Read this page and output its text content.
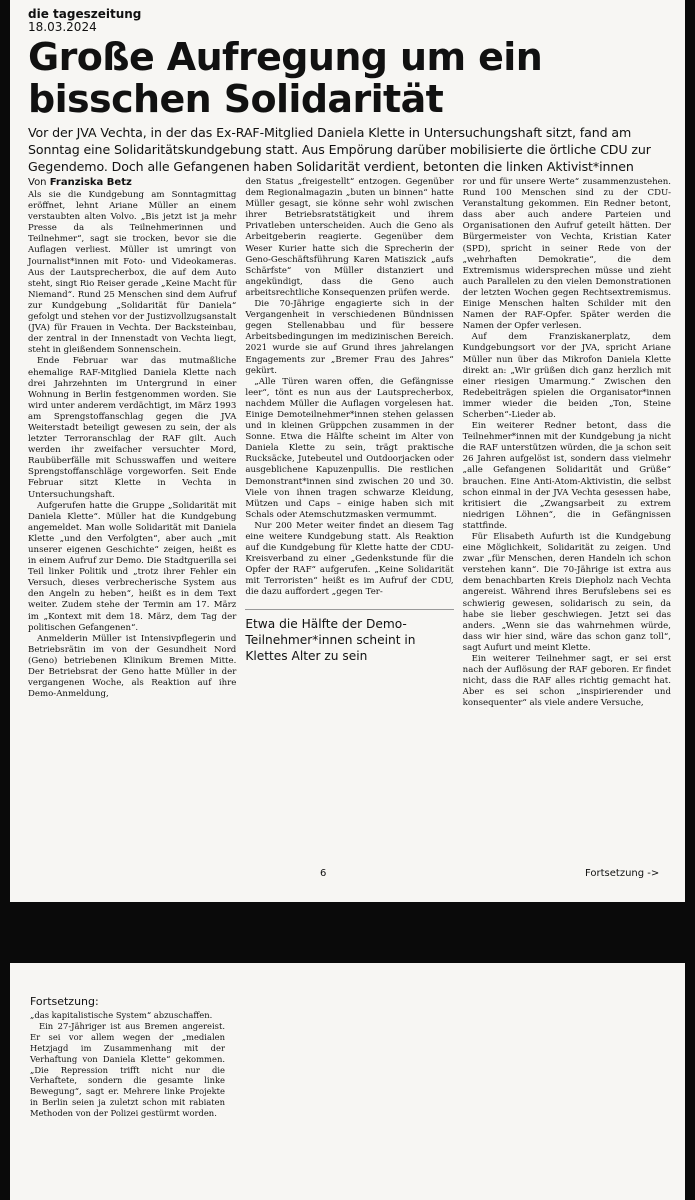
die tageszeitung
18.03.2024
Große Aufregung um ein bisschen Solidarität
Vor der JVA Vechta, in der das Ex-RAF-Mitglied Daniela Klette in Untersuchungshaft sitzt, fand am Sonntag eine Solidaritätskundgebung statt. Aus Empörung darüber mobilisierte die örtliche CDU zur Gegendemo. Doch alle Gefangenen haben Solidarität verdient, betonten die linken Aktivist*innen
Von Franziska Betz

Als sie die Kundgebung am Sonntagmittag eröffnet, lehnt Ariane Müller an einem verstaubten alten Volvo. „Bis jetzt ist ja mehr Presse da als Teilnehmerinnen und Teilnehmer“, sagt sie trocken, bevor sie die Auflagen verliest. Müller ist umringt von Journalist*innen mit Foto- und Videokameras. Aus der Lautsprecherbox, die auf dem Auto steht, singt Rio Reiser gerade „Keine Macht für Niemand“. Rund 25 Menschen sind dem Aufruf zur Kundgebung „Solidarität für Daniela“ gefolgt und stehen vor der Justizvollzugsanstalt (JVA) für Frauen in Vechta. Der Backsteinbau, der zentral in der Innenstadt von Vechta liegt, steht in gleißendem Sonnenschein.

Ende Februar war das mutmaßliche ehemalige RAF-Mitglied Daniela Klette nach drei Jahrzehnten im Untergrund in einer Wohnung in Berlin festgenommen worden. Sie wird unter anderem verdächtigt, im März 1993 am Sprengstoffanschlag gegen die JVA Weiterstadt beteiligt gewesen zu sein, der als letzter Terroranschlag der RAF gilt. Auch werden ihr zweifacher versuchter Mord, Raubüberfälle mit Schusswaffen und weitere Sprengstoffanschläge vorgeworfen. Seit Ende Februar sitzt Klette in Vechta in Untersuchungshaft.

Aufgerufen hatte die Gruppe „Solidarität mit Daniela Klette“. Müller hat die Kundgebung angemeldet. Man wolle Solidarität mit Daniela Klette „und den Verfolgten“, aber auch „mit unserer eigenen Geschichte“ zeigen, heißt es in einem Aufruf zur Demo. Die Stadtguerilla sei Teil linker Politik und „trotz ihrer Fehler ein Versuch, dieses verbrecherische System aus den Angeln zu heben“, heißt es in dem Text weiter. Zudem stehe der Termin am 17. März im „Kontext mit dem 18. März, dem Tag der politischen Gefangenen“.

Anmelderin Müller ist Intensivpflegerin und Betriebsrätin im von der Gesundheit Nord (Geno) betriebenen Klinikum Bremen Mitte. Der Betriebsrat der Geno hatte Müller in der vergangenen Woche, als Reaktion auf ihre Demo-Anmeldung,

den Status „freigestellt“ entzogen. Gegenüber dem Regionalmagazin „buten un binnen“ hatte Müller gesagt, sie könne sehr wohl zwischen ihrer Betriebsratstätigkeit und ihrem Privatleben unterscheiden. Auch die Geno als Arbeitgeberin reagierte. Gegenüber dem Weser Kurier hatte sich die Sprecherin der Geno-Geschäftsführung Karen Matiszick „aufs Schärfste“ von Müller distanziert und angekündigt, dass die Geno auch arbeitsrechtliche Konsequenzen prüfen werde.

Die 70-Jährige engagierte sich in der Vergangenheit in verschiedenen Bündnissen gegen Stellenabbau und für bessere Arbeitsbedingungen im medizinischen Bereich. 2021 wurde sie auf Grund ihres jahrelangen Engagements zur „Bremer Frau des Jahres“ gekürt.

„Alle Türen waren offen, die Gefängnisse leer“, tönt es nun aus der Lautsprecherbox, nachdem Müller die Auflagen vorgelesen hat. Einige Demoteilnehmer*innen stehen gelassen und in kleinen Grüppchen zusammen in der Sonne. Etwa die Hälfte scheint im Alter von Daniela Klette zu sein, trägt praktische Rucksäcke, Jutebeutel und Outdoorjacken oder ausgeblichene Kapuzenpullis. Die restlichen Demonstrant*innen sind zwischen 20 und 30. Viele von ihnen tragen schwarze Kleidung, Mützen und Caps – einige haben sich mit Schals oder Atemschutzmasken vermummt.

Nur 200 Meter weiter findet an diesem Tag eine weitere Kundgebung statt. Als Reaktion auf die Kundgebung für Klette hatte der CDU-Kreisverband zu einer „Gedenkstunde für die Opfer der RAF“ aufgerufen. „Keine Solidarität mit Terroristen“ heißt es im Aufruf der CDU, die dazu auffordert „gegen Ter-

Etwa die Hälfte der Demo-Teilnehmer*innen scheint in Klettes Alter zu sein

ror und für unsere Werte“ zusammenzustehen. Rund 100 Menschen sind zu der CDU-Veranstaltung gekommen. Ein Redner betont, dass aber auch andere Parteien und Organisationen den Aufruf geteilt hätten. Der Bürgermeister von Vechta, Kristian Kater (SPD), spricht in seiner Rede von der „wehrhaften Demokratie“, die dem Extremismus widersprechen müsse und zieht auch Parallelen zu den vielen Demonstrationen der letzten Wochen gegen Rechtsextremismus. Einige Menschen halten Schilder mit den Namen der RAF-Opfer. Später werden die Namen der Opfer verlesen.

Auf dem Franziskanerplatz, dem Kundgebungsort vor der JVA, spricht Ariane Müller nun über das Mikrofon Daniela Klette direkt an: „Wir grüßen dich ganz herzlich mit einer riesigen Umarmung.“ Zwischen den Redebeiträgen spielen die Organisator*innen immer wieder die beiden „Ton, Steine Scherben“-Lieder ab.

Ein weiterer Redner betont, dass die Teilnehmer*innen mit der Kundgebung ja nicht die RAF unterstützen würden, die ja schon seit 26 Jahren aufgelöst ist, sondern dass vielmehr „alle Gefangenen Solidarität und Grüße“ brauchen. Eine Anti-Atom-Aktivistin, die selbst schon einmal in der JVA Vechta gesessen habe, kritisiert die „Zwangsarbeit zu extrem niedrigen Löhnen“, die in Gefängnissen stattfinde.

Für Elisabeth Aufurth ist die Kundgebung eine Möglichkeit, Solidarität zu zeigen. Und zwar „für Menschen, deren Handeln ich schon verstehen kann“. Die 70-Jährige ist extra aus dem benachbarten Kreis Diepholz nach Vechta angereist. Während ihres Berufslebens sei es schwierig gewesen, solidarisch zu sein, da habe sie lieber geschwiegen. Jetzt sei das anders. „Wenn sie das wahrnehmen würde, dass wir hier sind, wäre das schon ganz toll“, sagt Aufurt und meint Klette.

Ein weiterer Teilnehmer sagt, er sei erst nach der Auflösung der RAF geboren. Er findet nicht, dass die RAF alles richtig gemacht hat. Aber es sei schon „inspirierender und konsequenter“ als viele andere Versuche,

6	Fortsetzung ->
Fortsetzung:

„das kapitalistische System“ abzuschaffen.

Ein 27-Jähriger ist aus Bremen angereist. Er sei vor allem wegen der „medialen Hetzjagd im Zusammenhang mit der Verhaftung von Daniela Klette“ gekommen. „Die Repression trifft nicht nur die Verhaftete, sondern die gesamte linke Bewegung“, sagt er. Mehrere linke Projekte in Berlin seien ja zuletzt schon mit rabiaten Methoden von der Polizei gestürmt worden.
